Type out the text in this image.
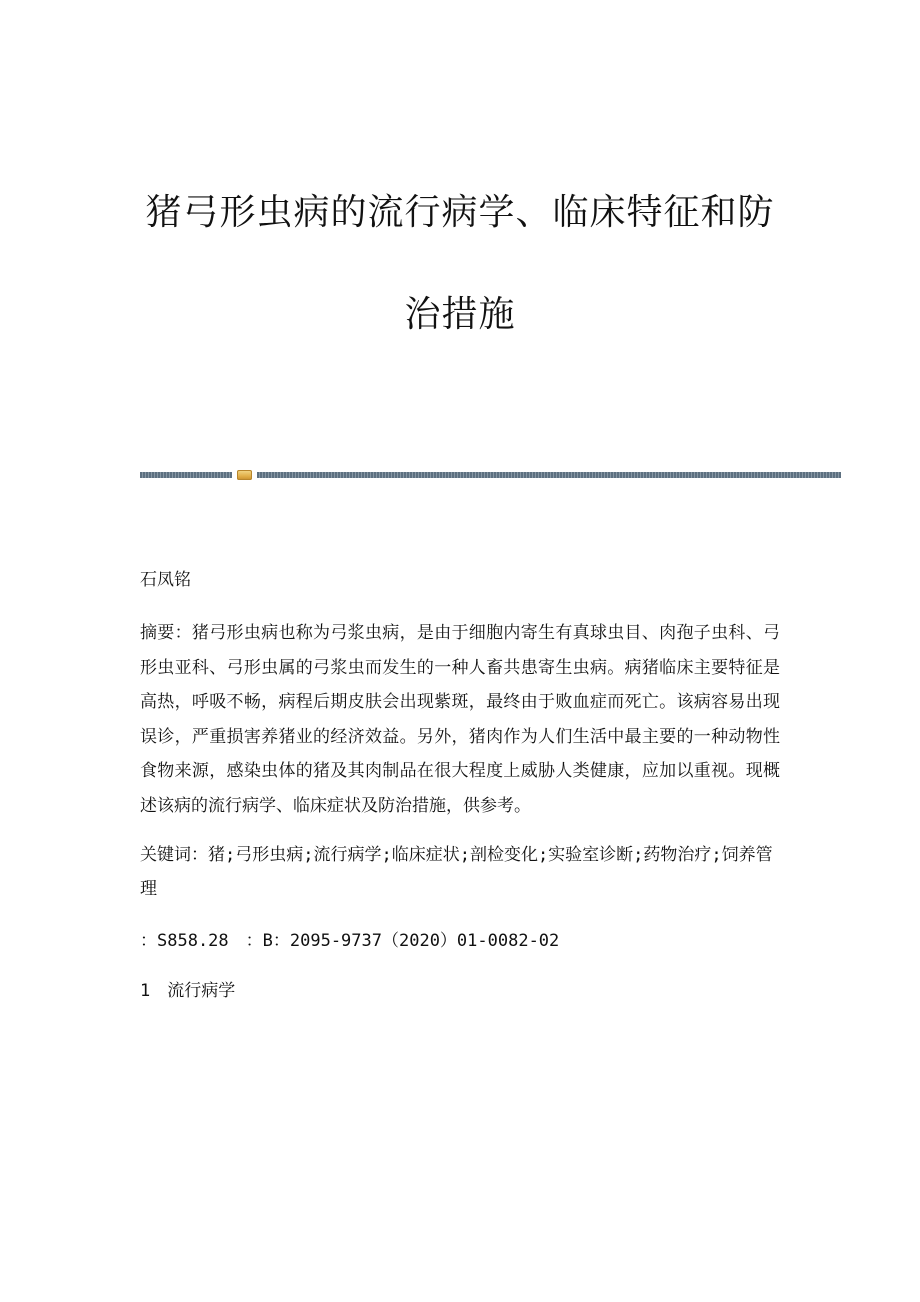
猪弓形虫病的流行病学、临床特征和防

治措施

石凤铭

摘要：猪弓形虫病也称为弓浆虫病，是由于细胞内寄生有真球虫目、肉孢子虫科、弓形虫亚科、弓形虫属的弓浆虫而发生的一种人畜共患寄生虫病。病猪临床主要特征是高热，呼吸不畅，病程后期皮肤会出现紫斑，最终由于败血症而死亡。该病容易出现误诊，严重损害养猪业的经济效益。另外，猪肉作为人们生活中最主要的一种动物性食物来源，感染虫体的猪及其肉制品在很大程度上威胁人类健康，应加以重视。现概述该病的流行病学、临床症状及防治措施，供参考。

关键词：猪;弓形虫病;流行病学;临床症状;剖检变化;实验室诊断;药物治疗;饲养管理

：S858.28　：B：2095-9737（2020）01-0082-02

1　流行病学
